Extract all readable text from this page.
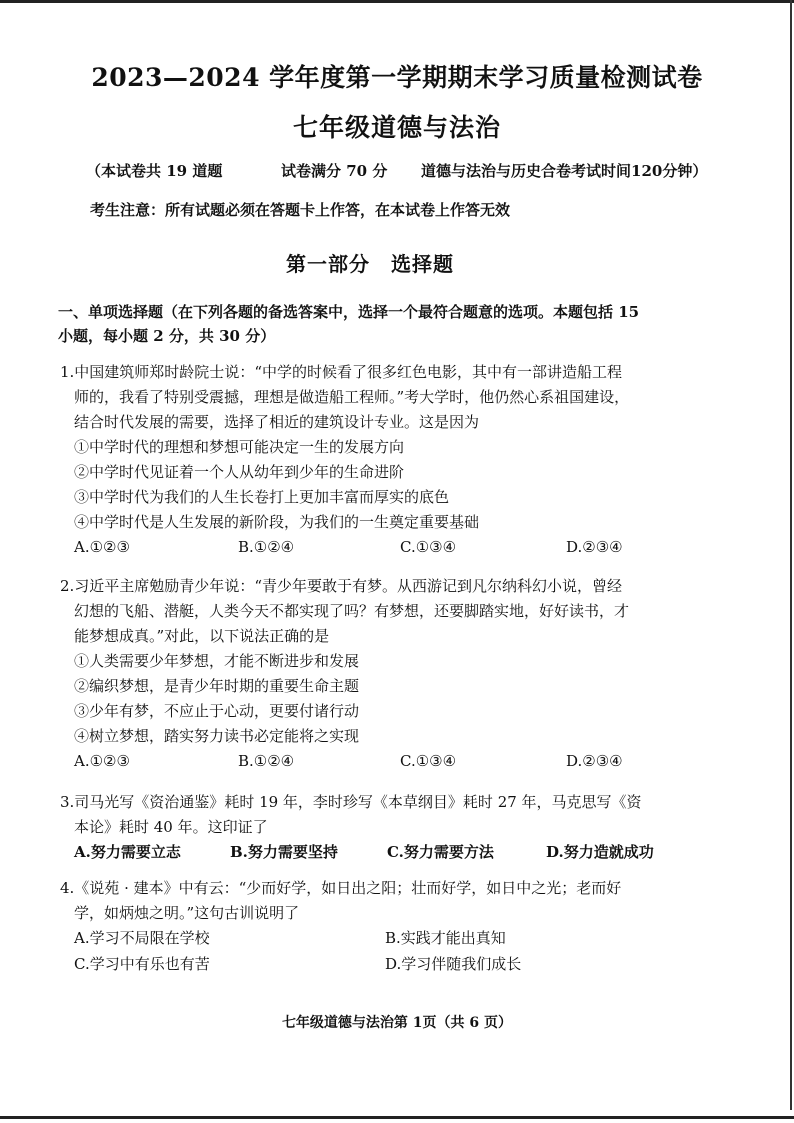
2023—2024 学年度第一学期期末学习质量检测试卷
七年级道德与法治
（本试卷共 19 道题	试卷满分 70 分 道德与法治与历史合卷考试时间120分钟）
考生注意：所有试题必须在答题卡上作答，在本试卷上作答无效
第一部分　选择题
一、单项选择题（在下列各题的备选答案中，选择一个最符合题意的选项。本题包括 15
小题，每小题 2 分，共 30 分）
1.中国建筑师郑时龄院士说：“中学的时候看了很多红色电影，其中有一部讲造船工程
师的，我看了特别受震撼，理想是做造船工程师。”考大学时，他仍然心系祖国建设，
结合时代发展的需要，选择了相近的建筑设计专业。这是因为
①中学时代的理想和梦想可能决定一生的发展方向
②中学时代见证着一个人从幼年到少年的生命进阶
③中学时代为我们的人生长卷打上更加丰富而厚实的底色
④中学时代是人生发展的新阶段，为我们的一生奠定重要基础
A.①②③	B.①②④	C.①③④	D.②③④
2.习近平主席勉励青少年说：“青少年要敢于有梦。从西游记到凡尔纳科幻小说，曾经
幻想的飞船、潜艇，人类今天不都实现了吗？有梦想，还要脚踏实地，好好读书，才
能梦想成真。”对此，以下说法正确的是
①人类需要少年梦想，才能不断进步和发展
②编织梦想，是青少年时期的重要生命主题
③少年有梦，不应止于心动，更要付诸行动
④树立梦想，踏实努力读书必定能将之实现
A.①②③	B.①②④	C.①③④	D.②③④
3.司马光写《资治通鉴》耗时 19 年，李时珍写《本草纲目》耗时 27 年，马克思写《资
本论》耗时 40 年。这印证了
A.努力需要立志	B.努力需要坚持	C.努力需要方法	D.努力造就成功
4.《说苑 · 建本》中有云：“少而好学，如日出之阳；壮而好学，如日中之光；老而好
学，如炳烛之明。”这句古训说明了
A.学习不局限在学校	B.实践才能出真知
C.学习中有乐也有苦	D.学习伴随我们成长
七年级道德与法治第 1页（共 6 页）
